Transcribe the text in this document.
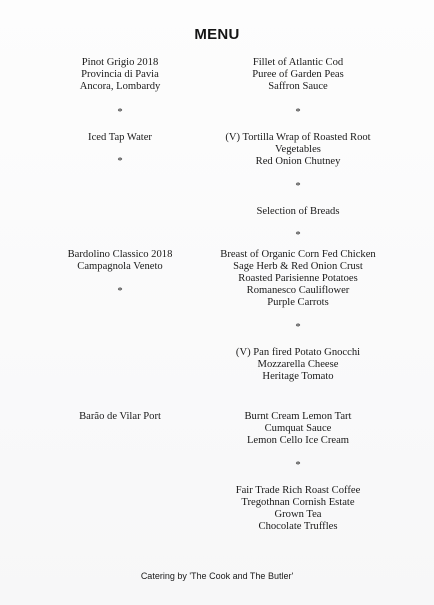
MENU
Pinot Grigio 2018
Provincia di Pavia
Ancora, Lombardy
*
Iced Tap Water
*
Bardolino Classico 2018
Campagnola Veneto
*
Barão de Vilar Port
Fillet of Atlantic Cod
Puree of Garden Peas
Saffron Sauce
*
(V) Tortilla Wrap of Roasted Root
Vegetables
Red Onion Chutney
*
Selection of Breads
*
Breast of Organic Corn Fed Chicken
Sage Herb & Red Onion Crust
Roasted Parisienne Potatoes
Romanesco Cauliflower
Purple Carrots
*
(V) Pan fired Potato Gnocchi
Mozzarella Cheese
Heritage Tomato
Burnt Cream Lemon Tart
Cumquat Sauce
Lemon Cello Ice Cream
*
Fair Trade Rich Roast Coffee
Tregothnan Cornish Estate
Grown Tea
Chocolate Truffles
Catering by 'The Cook and The Butler'
